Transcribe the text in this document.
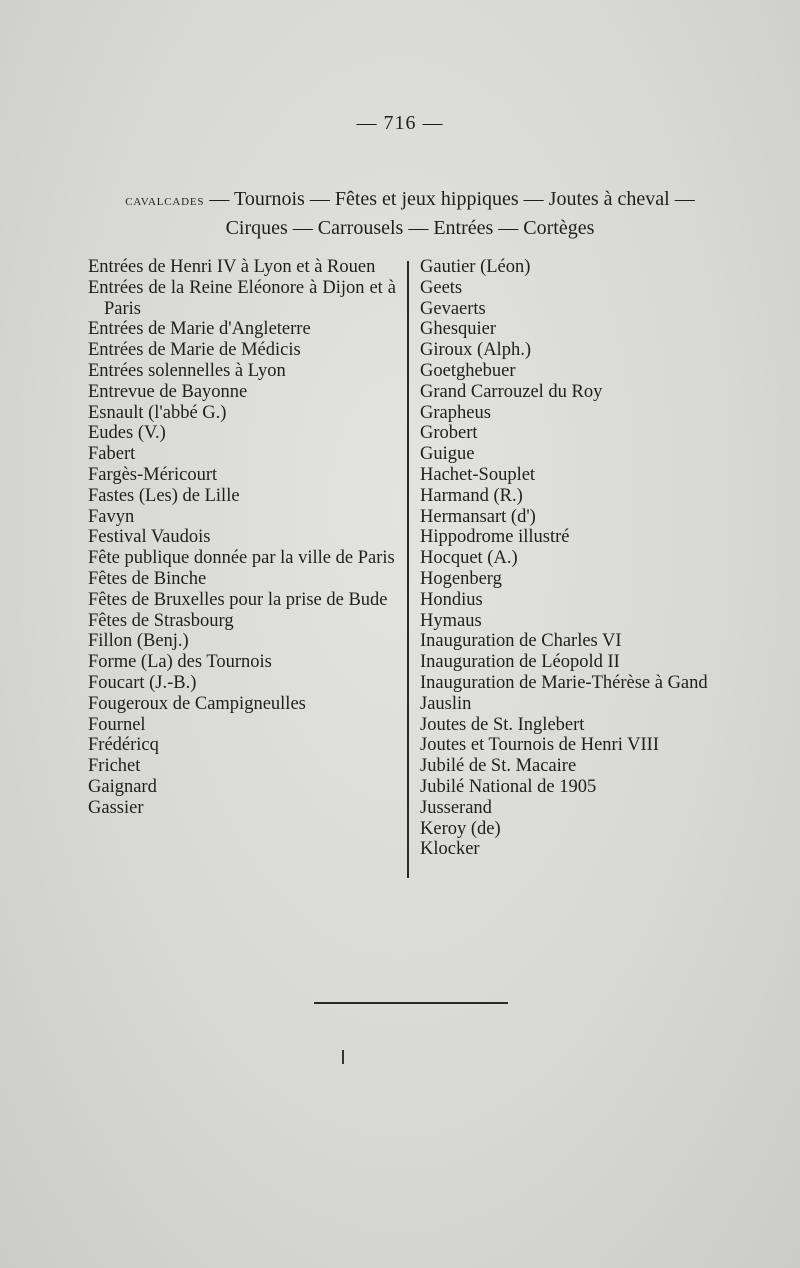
— 716 —
cavalcades — Tournois — Fêtes et jeux hippiques — Joutes à cheval —
Cirques — Carrousels — Entrées — Cortèges
Entrées de Henri IV à Lyon et à Rouen
Entrées de la Reine Eléonore à Dijon et à Paris
Entrées de Marie d'Angleterre
Entrées de Marie de Médicis
Entrées solennelles à Lyon
Entrevue de Bayonne
Esnault (l'abbé G.)
Eudes (V.)
Fabert
Fargès-Méricourt
Fastes (Les) de Lille
Favyn
Festival Vaudois
Fête publique donnée par la ville de Paris
Fêtes de Binche
Fêtes de Bruxelles pour la prise de Bude
Fêtes de Strasbourg
Fillon (Benj.)
Forme (La) des Tournois
Foucart (J.-B.)
Fougeroux de Campigneulles
Fournel
Frédéricq
Frichet
Gaignard
Gassier
Gautier (Léon)
Geets
Gevaerts
Ghesquier
Giroux (Alph.)
Goetghebuer
Grand Carrouzel du Roy
Grapheus
Grobert
Guigue
Hachet-Souplet
Harmand (R.)
Hermansart (d')
Hippodrome illustré
Hocquet (A.)
Hogenberg
Hondius
Hymaus
Inauguration de Charles VI
Inauguration de Léopold II
Inauguration de Marie-Thérèse à Gand
Jauslin
Joutes de St. Inglebert
Joutes et Tournois de Henri VIII
Jubilé de St. Macaire
Jubilé National de 1905
Jusserand
Keroy (de)
Klocker
